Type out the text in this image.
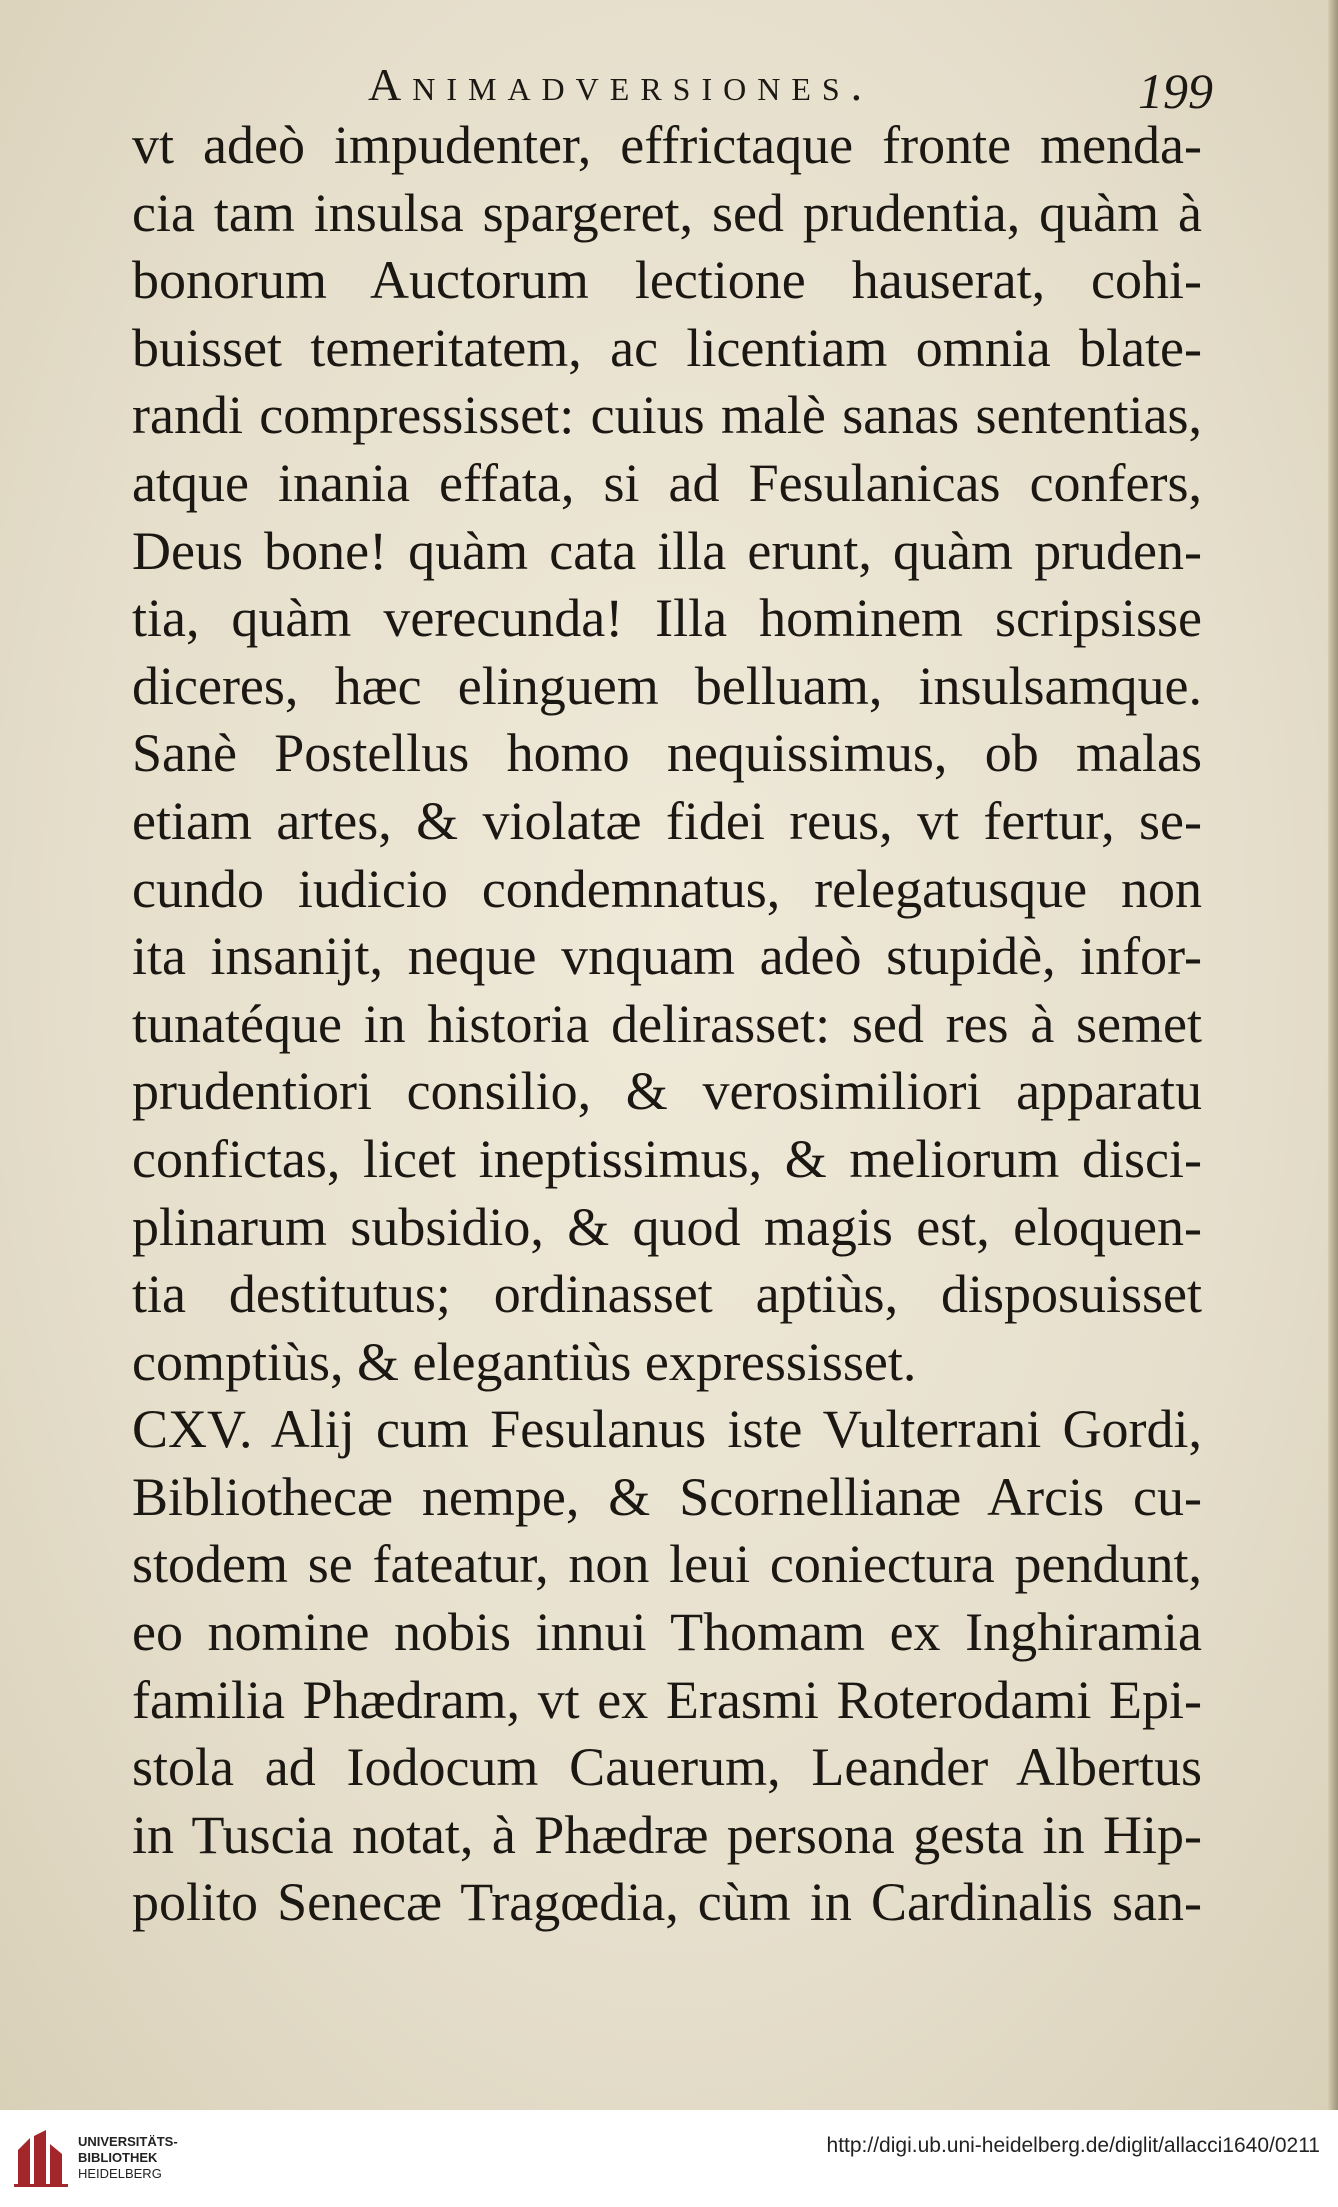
Animadversiones.	199
vt adeò impudenter, effrictaque fronte menda-
cia tam insulsa spargeret, sed prudentia, quàm à
bonorum Auctorum lectione hauserat, cohi-
buisset temeritatem, ac licentiam omnia blate-
randi compressisset: cuius malè sanas sententias,
atque inania effata, si ad Fesulanicas confers,
Deus bone! quàm cata illa erunt, quàm pruden-
tia, quàm verecunda! Illa hominem scripsisse
diceres, hæc elinguem belluam, insulsamque.
Sanè Postellus homo nequissimus, ob malas
etiam artes, & violatæ fidei reus, vt fertur, se-
cundo iudicio condemnatus, relegatusque non
ita insanijt, neque vnquam adeò stupidè, infor-
tunatéque in historia delirasset: sed res à semet
prudentiori consilio, & verosimiliori apparatu
confictas, licet ineptissimus, & meliorum disci-
plinarum subsidio, & quod magis est, eloquen-
tia destitutus; ordinasset aptiùs, disposuisset
comptiùs, & elegantiùs expressisset.
CXV. Alij cum Fesulanus iste Vulterrani Gordi,
Bibliothecæ nempe, & Scornellianæ Arcis cu-
stodem se fateatur, non leui coniectura pendunt,
eo nomine nobis innui Thomam ex Inghiramia
familia Phædram, vt ex Erasmi Roterodami Epi-
stola ad Iodocum Cauerum, Leander Albertus
in Tuscia notat, à Phædræ persona gesta in Hip-
polito Senecæ Tragœdia, cùm in Cardinalis san-
UNIVERSITÄTS-
BIBLIOTHEK
HEIDELBERG
http://digi.ub.uni-heidelberg.de/diglit/allacci1640/0211
